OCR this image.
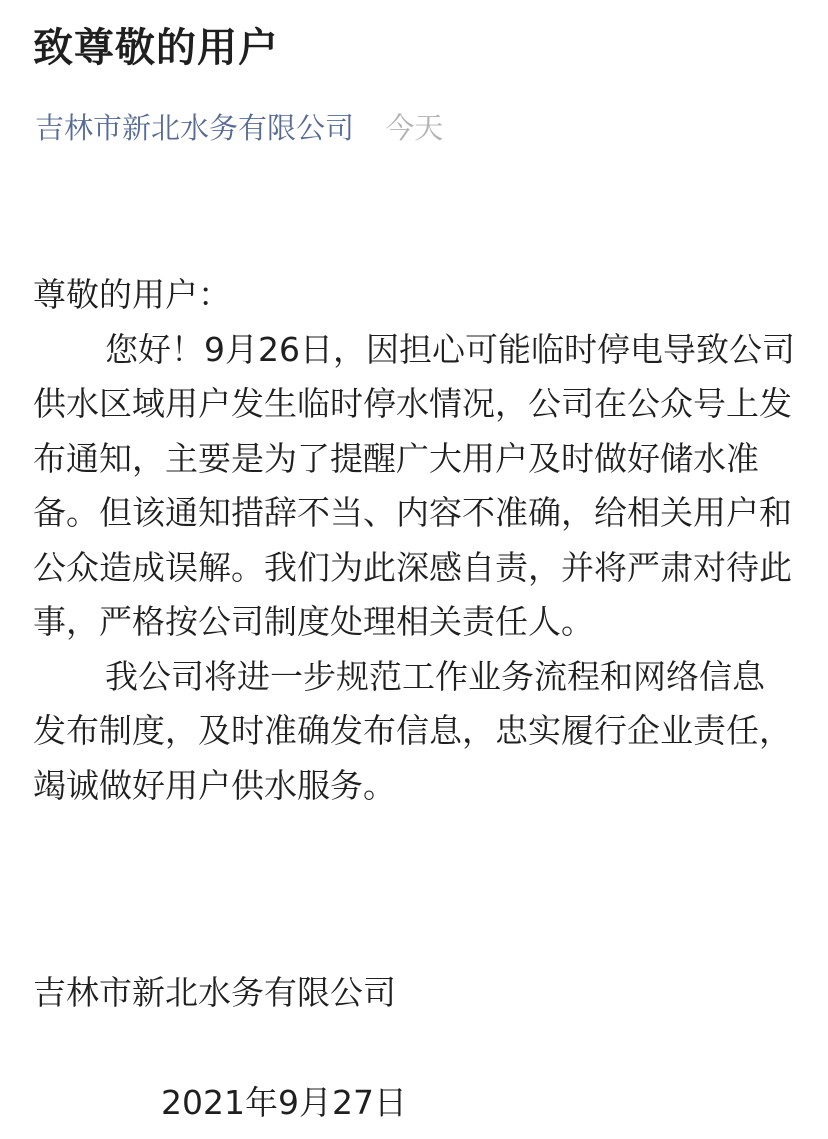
致尊敬的用户
吉林市新北水务有限公司 今天

尊敬的用户：

您好！9月26日，因担心可能临时停电导致公司供水区域用户发生临时停水情况，公司在公众号上发布通知，主要是为了提醒广大用户及时做好储水准备。但该通知措辞不当、内容不准确，给相关用户和公众造成误解。我们为此深感自责，并将严肃对待此事，严格按公司制度处理相关责任人。

我公司将进一步规范工作业务流程和网络信息发布制度，及时准确发布信息，忠实履行企业责任，竭诚做好用户供水服务。

吉林市新北水务有限公司
2021年9月27日
